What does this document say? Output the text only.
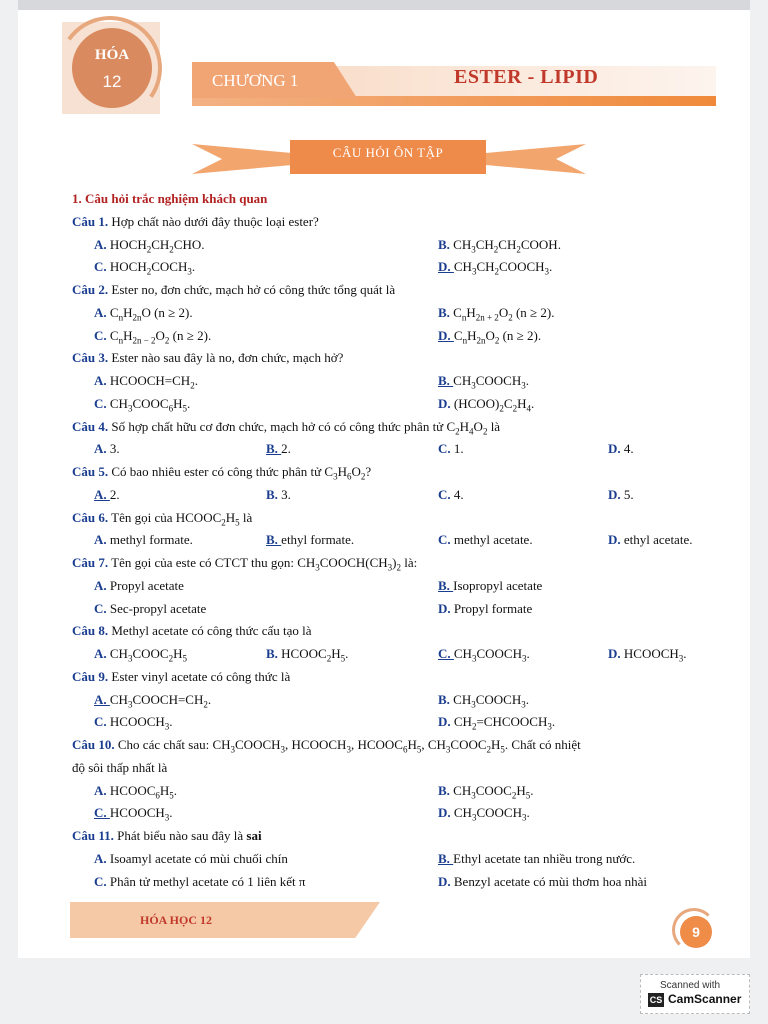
HÓA
12	CHƯƠNG 1	ESTER - LIPID
CÂU HỎI ÔN TẬP
1. Câu hỏi trắc nghiệm khách quan
Câu 1. Hợp chất nào dưới đây thuộc loại ester?
A. $HOCH_2CH_2CHO$.	B. $CH_3CH_2CH_2COOH$.
C. $HOCH_2COCH_3$.	D. $CH_3CH_2COOCH_3$.
Câu 2. Ester no, đơn chức, mạch hở có công thức tổng quát là
A. $C_nH_{2n}O$ (n ≥ 2).	B. $C_nH_{2n + 2}O_2$ (n ≥ 2).
C. $C_nH_{2n - 2}O_2$ (n ≥ 2).	D. $C_nH_{2n}O_2$ (n ≥ 2).
Câu 3. Ester nào sau đây là no, đơn chức, mạch hở?
A. $HCOOCH=CH_2$.	B. $CH_3COOCH_3$.
C. $CH_3COOC_6H_5$.	D. $(HCOO)_2C_2H_4$.
Câu 4. Số hợp chất hữu cơ đơn chức, mạch hở có có công thức phân tử $C_2H_4O_2$ là
A. 3.	B. 2.	C. 1.	D. 4.
Câu 5. Có bao nhiêu ester có công thức phân tử $C_3H_6O_2$?
A. 2.	B. 3.	C. 4.	D. 5.
Câu 6. Tên gọi của $HCOOC_2H_5$ là
A. methyl formate.	B. ethyl formate.	C. methyl acetate.	D. ethyl acetate.
Câu 7. Tên gọi của este có CTCT thu gọn: $CH_3COOCH(CH_3)_2$ là:
A. Propyl acetate	B. Isopropyl acetate
C. Sec-propyl acetate	D. Propyl formate
Câu 8. Methyl acetate có công thức cấu tạo là
A. $CH_3COOC_2H_5$	B. $HCOOC_2H_5$.	C. $CH_3COOCH_3$.	D. $HCOOCH_3$.
Câu 9. Ester vinyl acetate có công thức là
A. $CH_3COOCH=CH_2$.	B. $CH_3COOCH_3$.
C. $HCOOCH_3$.	D. $CH_2=CHCOOCH_3$.
Câu 10. Cho các chất sau: $CH_3COOCH_3$, $HCOOCH_3$, $HCOOC_6H_5$, $CH_3COOC_2H_5$. Chất có nhiệt
độ sôi thấp nhất là
A. $HCOOC_6H_5$.	B. $CH_3COOC_2H_5$.
C. $HCOOCH_3$.	D. $CH_3COOCH_3$.
Câu 11. Phát biểu nào sau đây là sai
A. Isoamyl acetate có mùi chuối chín	B. Ethyl acetate tan nhiều trong nước.
C. Phân tử methyl acetate có 1 liên kết π	D. Benzyl acetate có mùi thơm hoa nhài
HÓA HỌC 12
9
Scanned with
CS CamScanner
